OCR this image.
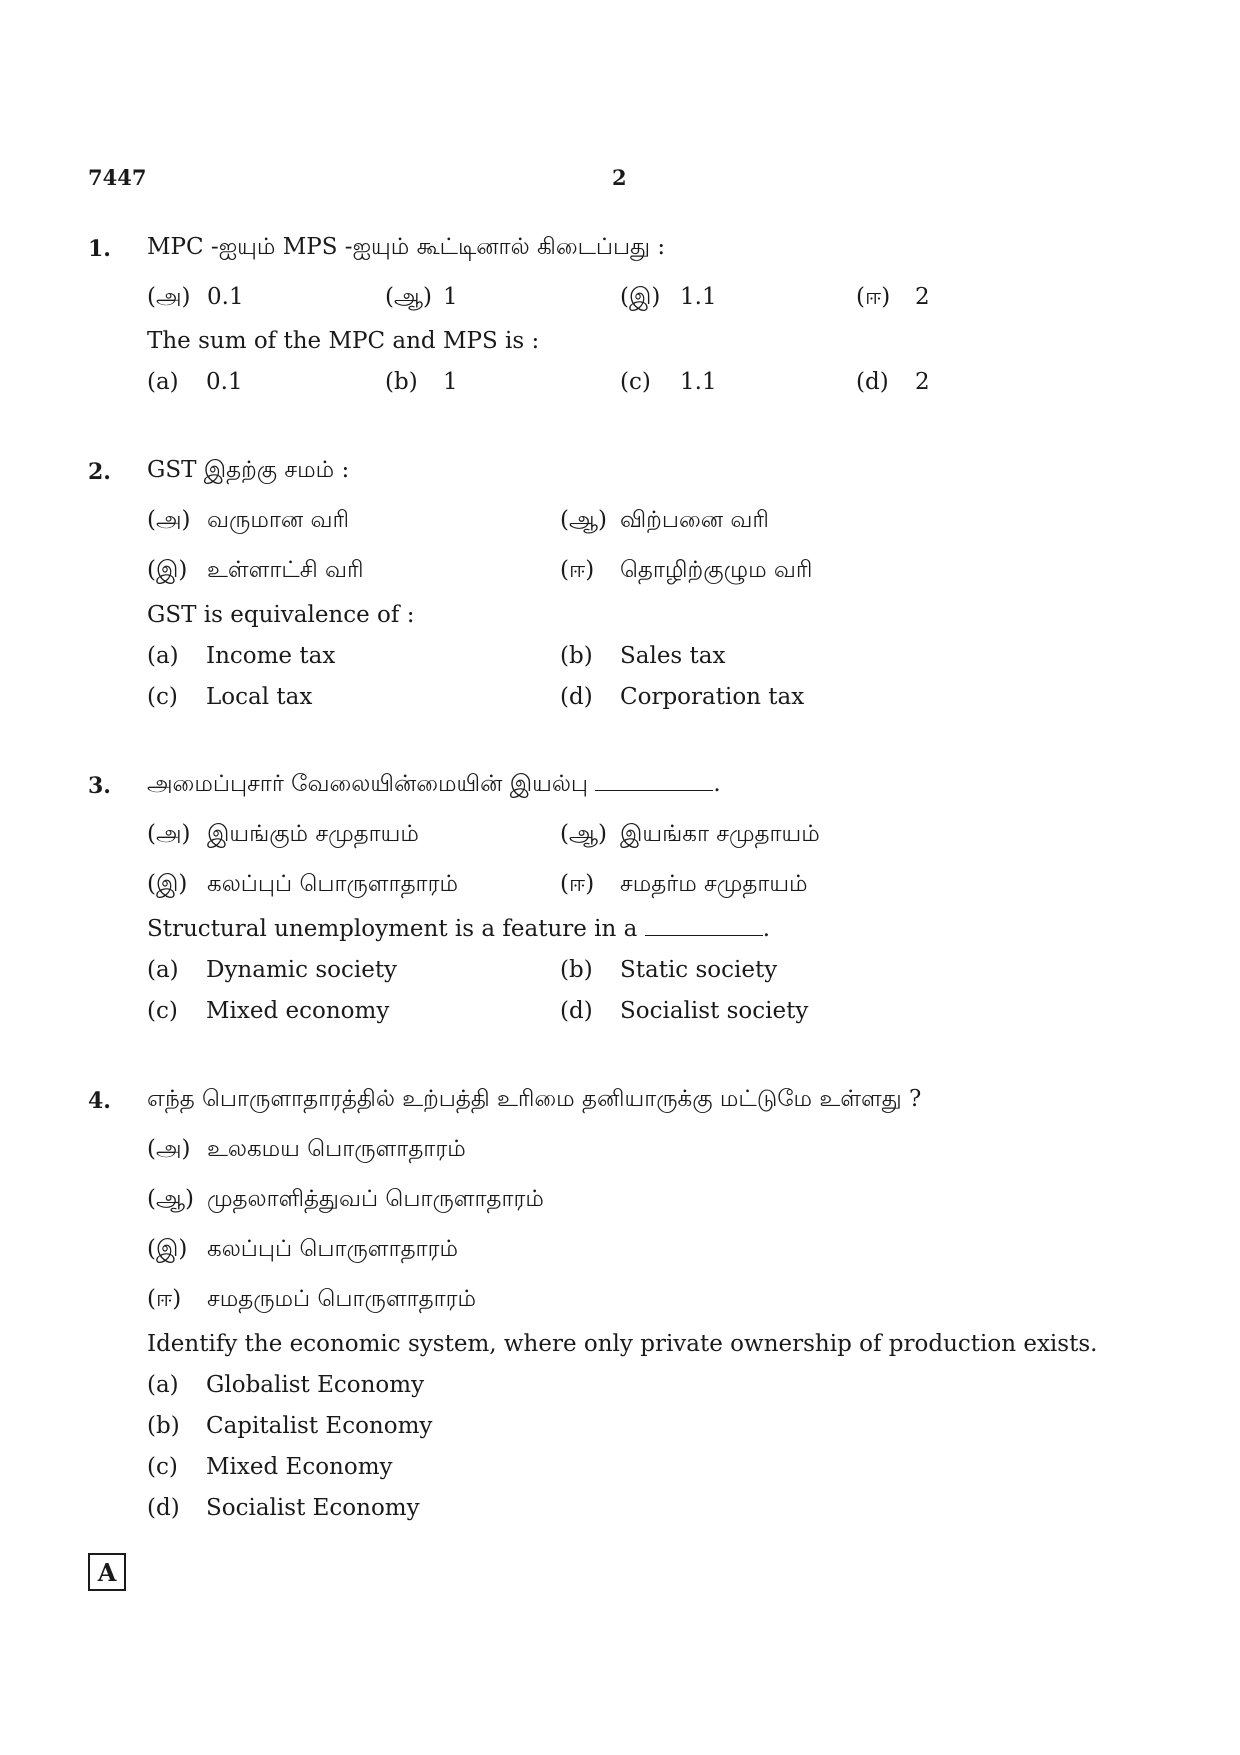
7447	2
1. MPC -ஐயும் MPS -ஐயும் கூட்டினால் கிடைப்பது :
(அ) 0.1	(ஆ) 1	(இ) 1.1	(ஈ) 2
The sum of the MPC and MPS is :
(a) 0.1	(b) 1	(c) 1.1	(d) 2
2. GST இதற்கு சமம் :
(அ) வருமான வரி	(ஆ) விற்பனை வரி
(இ) உள்ளாட்சி வரி	(ஈ) தொழிற்குழும வரி
GST is equivalence of :
(a) Income tax	(b) Sales tax
(c) Local tax	(d) Corporation tax
3. அமைப்புசார் வேலையின்மையின் இயல்பு	.
(அ) இயங்கும் சமுதாயம்	(ஆ) இயங்கா சமுதாயம்
(இ) கலப்புப் பொருளாதாரம்	(ஈ) சமதர்ம சமுதாயம்
Structural unemployment is a feature in a	.
(a) Dynamic society	(b) Static society
(c) Mixed economy	(d) Socialist society
4. எந்த பொருளாதாரத்தில் உற்பத்தி உரிமை தனியாருக்கு மட்டுமே உள்ளது ?
(அ) உலகமய பொருளாதாரம்
(ஆ) முதலாளித்துவப் பொருளாதாரம்
(இ) கலப்புப் பொருளாதாரம்
(ஈ) சமதருமப் பொருளாதாரம்
Identify the economic system, where only private ownership of production exists.
(a) Globalist Economy
(b) Capitalist Economy
(c) Mixed Economy
(d) Socialist Economy
A
